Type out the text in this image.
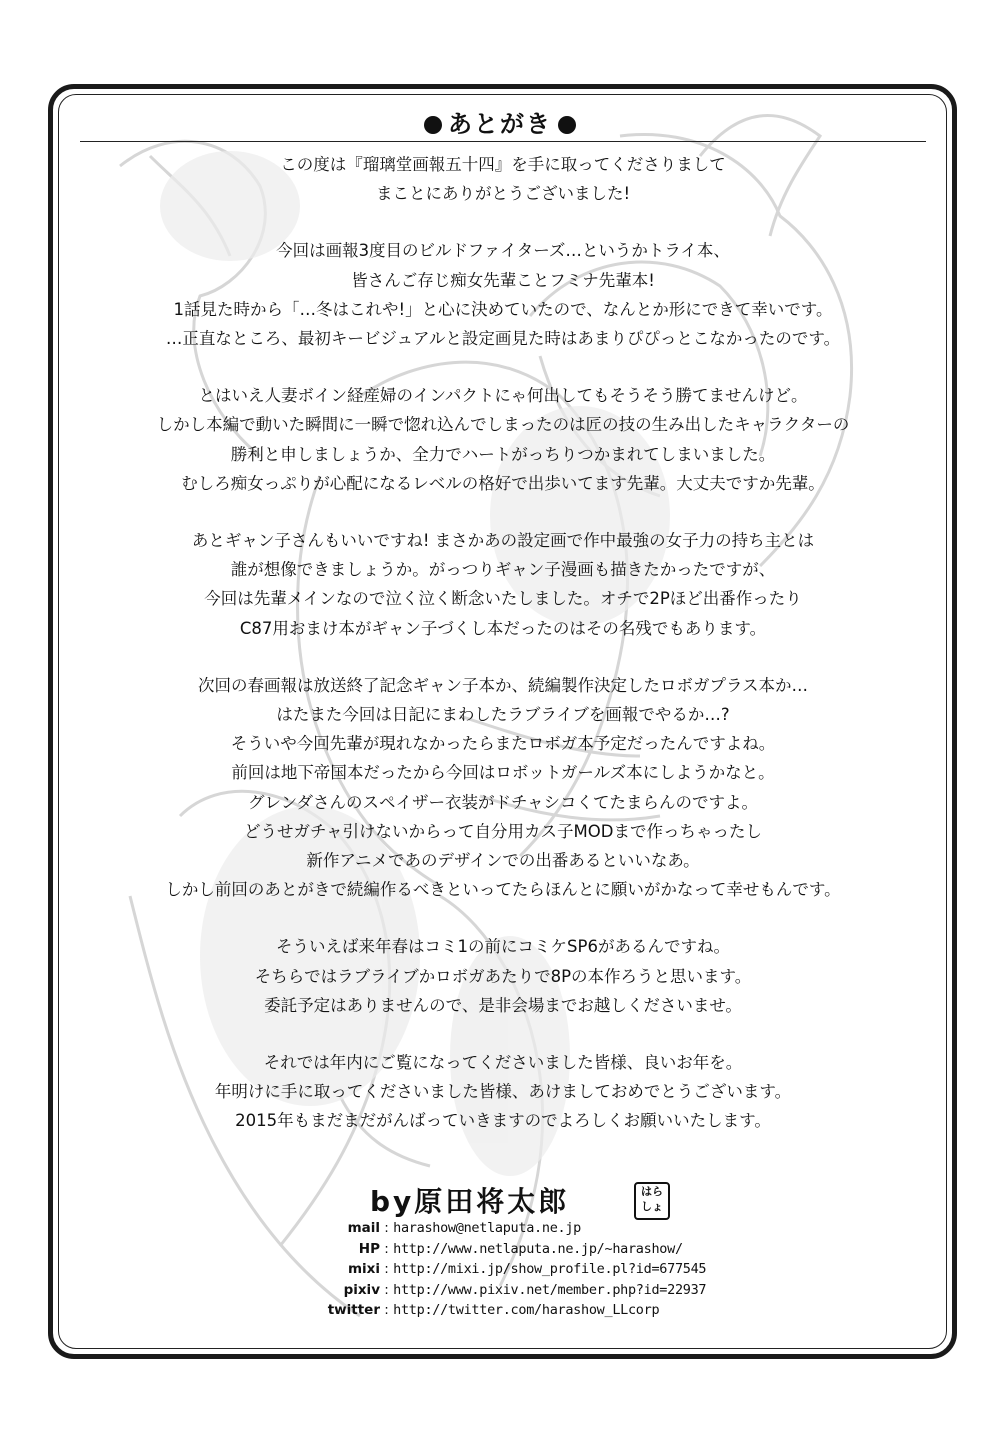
あとがき
この度は『瑠璃堂画報五十四』を手に取ってくださりまして
まことにありがとうございました!
今回は画報3度目のビルドファイターズ…というかトライ本、
皆さんご存じ痴女先輩ことフミナ先輩本!
1話見た時から「…冬はこれや!」と心に決めていたので、なんとか形にできて幸いです。
…正直なところ、最初キービジュアルと設定画見た時はあまりぴぴっとこなかったのです。
とはいえ人妻ボイン経産婦のインパクトにゃ何出してもそうそう勝てませんけど。
しかし本編で動いた瞬間に一瞬で惚れ込んでしまったのは匠の技の生み出したキャラクターの
勝利と申しましょうか、全力でハートがっちりつかまれてしまいました。
むしろ痴女っぷりが心配になるレベルの格好で出歩いてます先輩。大丈夫ですか先輩。
あとギャン子さんもいいですね! まさかあの設定画で作中最強の女子力の持ち主とは
誰が想像できましょうか。がっつりギャン子漫画も描きたかったですが、
今回は先輩メインなので泣く泣く断念いたしました。オチで2Pほど出番作ったり
C87用おまけ本がギャン子づくし本だったのはその名残でもあります。
次回の春画報は放送終了記念ギャン子本か、続編製作決定したロボガプラス本か…
はたまた今回は日記にまわしたラブライブを画報でやるか…?
そういや今回先輩が現れなかったらまたロボガ本予定だったんですよね。
前回は地下帝国本だったから今回はロボットガールズ本にしようかなと。
グレンダさんのスペイザー衣装がドチャシコくてたまらんのですよ。
どうせガチャ引けないからって自分用カス子MODまで作っちゃったし
新作アニメであのデザインでの出番あるといいなあ。
しかし前回のあとがきで続編作るべきといってたらほんとに願いがかなって幸せもんです。
そういえば来年春はコミ1の前にコミケSP6があるんですね。
そちらではラブライブかロボガあたりで8Pの本作ろうと思います。
委託予定はありませんので、是非会場までお越しくださいませ。
それでは年内にご覧になってくださいました皆様、良いお年を。
年明けに手に取ってくださいました皆様、あけましておめでとうございます。
2015年もまだまだがんばっていきますのでよろしくお願いいたします。
by原田将太郎	はら
しょ
mail : harashow@netlaputa.ne.jp
HP : http://www.netlaputa.ne.jp/~harashow/
mixi : http://mixi.jp/show_profile.pl?id=677545
pixiv : http://www.pixiv.net/member.php?id=22937
twitter : http://twitter.com/harashow_LLcorp
